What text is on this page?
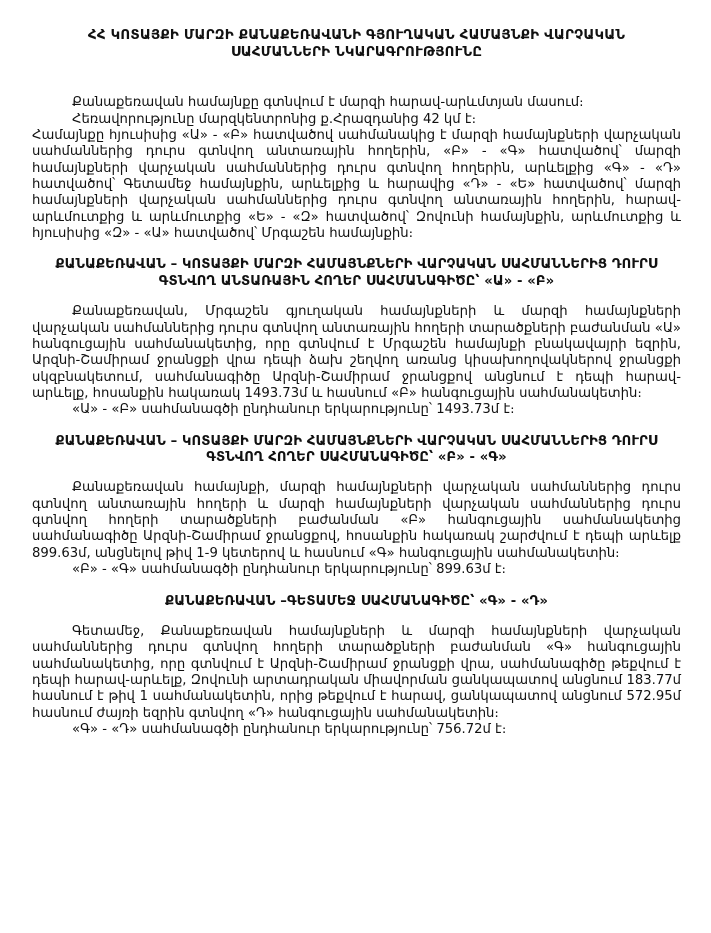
ՀՀ ԿՈՏԱՅՔԻ ՄԱՐԶԻ ՔԱՆԱՔԵՌԱՎԱՆԻ ԳՅՈՒՂԱԿԱՆ ՀԱՄԱՅՆՔԻ ՎԱՐՉԱԿԱՆ ՍԱՀՄԱՆՆԵՐԻ ՆԿԱՐԱԳՐՈՒԹՅՈՒՆԸ

Քանաքեռավան համայնքը գտնվում է մարզի հարավ-արևմտյան մասում։

Հեռավորությունը մարզկենտրոնից ք.Հրազդանից 42 կմ է։

Համայնքը հյուսիսից «Ա» - «Բ» հատվածով սահմանակից է մարզի համայնքների վարչական սահմաններից դուրս գտնվող անտառային հողերին, «Բ» - «Գ» հատվածով՝ մարզի համայնքների վարչական սահմաններից դուրս գտնվող հողերին, արևելքից «Գ» - «Դ» հատվածով՝ Գետամեջ համայնքին, արևելքից և հարավից «Դ» - «Ե» հատվածով՝ մարզի համայնքների վարչական սահմաններից դուրս գտնվող անտառային հողերին, հարավ-արևմուտքից և արևմուտքից «Ե» - «Զ» հատվածով՝ Զովունի համայնքին, արևմուտքից և հյուսիսից «Զ» - «Ա» հատվածով՝ Մրգաշեն համայնքին։

ՔԱՆԱՔԵՌԱՎԱՆ – ԿՈՏԱՅՔԻ ՄԱՐԶԻ ՀԱՄԱՅՆՔՆԵՐԻ ՎԱՐՉԱԿԱՆ ՍԱՀՄԱՆՆԵՐԻՑ ԴՈՒՐՍ ԳՏՆՎՈՂ ԱՆՏԱՌԱՅԻՆ ՀՈՂԵՐ ՍԱՀՄԱՆԱԳԻԾԸ՝ «Ա» - «Բ»

Քանաքեռավան, Մրգաշեն գյուղական համայնքների և մարզի համայնքների վարչական սահմաններից դուրս գտնվող անտառային հողերի տարածքների բաժանման «Ա» հանգուցային սահմանակետից, որը գտնվում է Մրգաշեն համայնքի բնակավայրի եզրին, Արզնի-Շամիրամ ջրանցքի վրա դեպի ձախ շեղվող առանց կիսախողովակներով ջրանցքի սկզբնակետում, սահմանագիծը Արզնի-Շամիրամ ջրանցքով անցնում է դեպի հարավ-արևելք, հոսանքին հակառակ 1493.73մ և հասնում «Բ» հանգուցային սահմանակետին։

«Ա» - «Բ» սահմանագծի ընդհանուր երկարությունը՝ 1493.73մ է։

ՔԱՆԱՔԵՌԱՎԱՆ – ԿՈՏԱՅՔԻ ՄԱՐԶԻ ՀԱՄԱՅՆՔՆԵՐԻ ՎԱՐՉԱԿԱՆ ՍԱՀՄԱՆՆԵՐԻՑ ԴՈՒՐՍ ԳՏՆՎՈՂ ՀՈՂԵՐ ՍԱՀՄԱՆԱԳԻԾԸ՝ «Բ» - «Գ»

Քանաքեռավան համայնքի, մարզի համայնքների վարչական սահմաններից դուրս գտնվող անտառային հողերի և մարզի համայնքների վարչական սահմաններից դուրս գտնվող հողերի տարածքների բաժանման «Բ» հանգուցային սահմանակետից սահմանագիծը Արզնի-Շամիրամ ջրանցքով, հոսանքին հակառակ շարժվում է դեպի արևելք 899.63մ, անցնելով թիվ 1-9 կետերով և հասնում «Գ» հանգուցային սահմանակետին։

«Բ» - «Գ» սահմանագծի ընդհանուր երկարությունը՝ 899.63մ է։

ՔԱՆԱՔԵՌԱՎԱՆ –ԳԵՏԱՄԵՋ ՍԱՀՄԱՆԱԳԻԾԸ՝ «Գ» - «Դ»

Գետամեջ, Քանաքեռավան համայնքների և մարզի համայնքների վարչական սահմաններից դուրս գտնվող հողերի տարածքների բաժանման «Գ» հանգուցային սահմանակետից, որը գտնվում է Արզնի-Շամիրամ ջրանցքի վրա, սահմանագիծը թեքվում է դեպի հարավ-արևելք, Զովունի արտադրական միավորման ցանկապատով անցնում 183.77մ հասնում է թիվ 1 սահմանակետին, որից թեքվում է հարավ, ցանկապատով անցնում 572.95մ հասնում ժայռի եզրին գտնվող «Դ» հանգուցային սահմանակետին։

«Գ» - «Դ» սահմանագծի ընդհանուր երկարությունը՝ 756.72մ է։
